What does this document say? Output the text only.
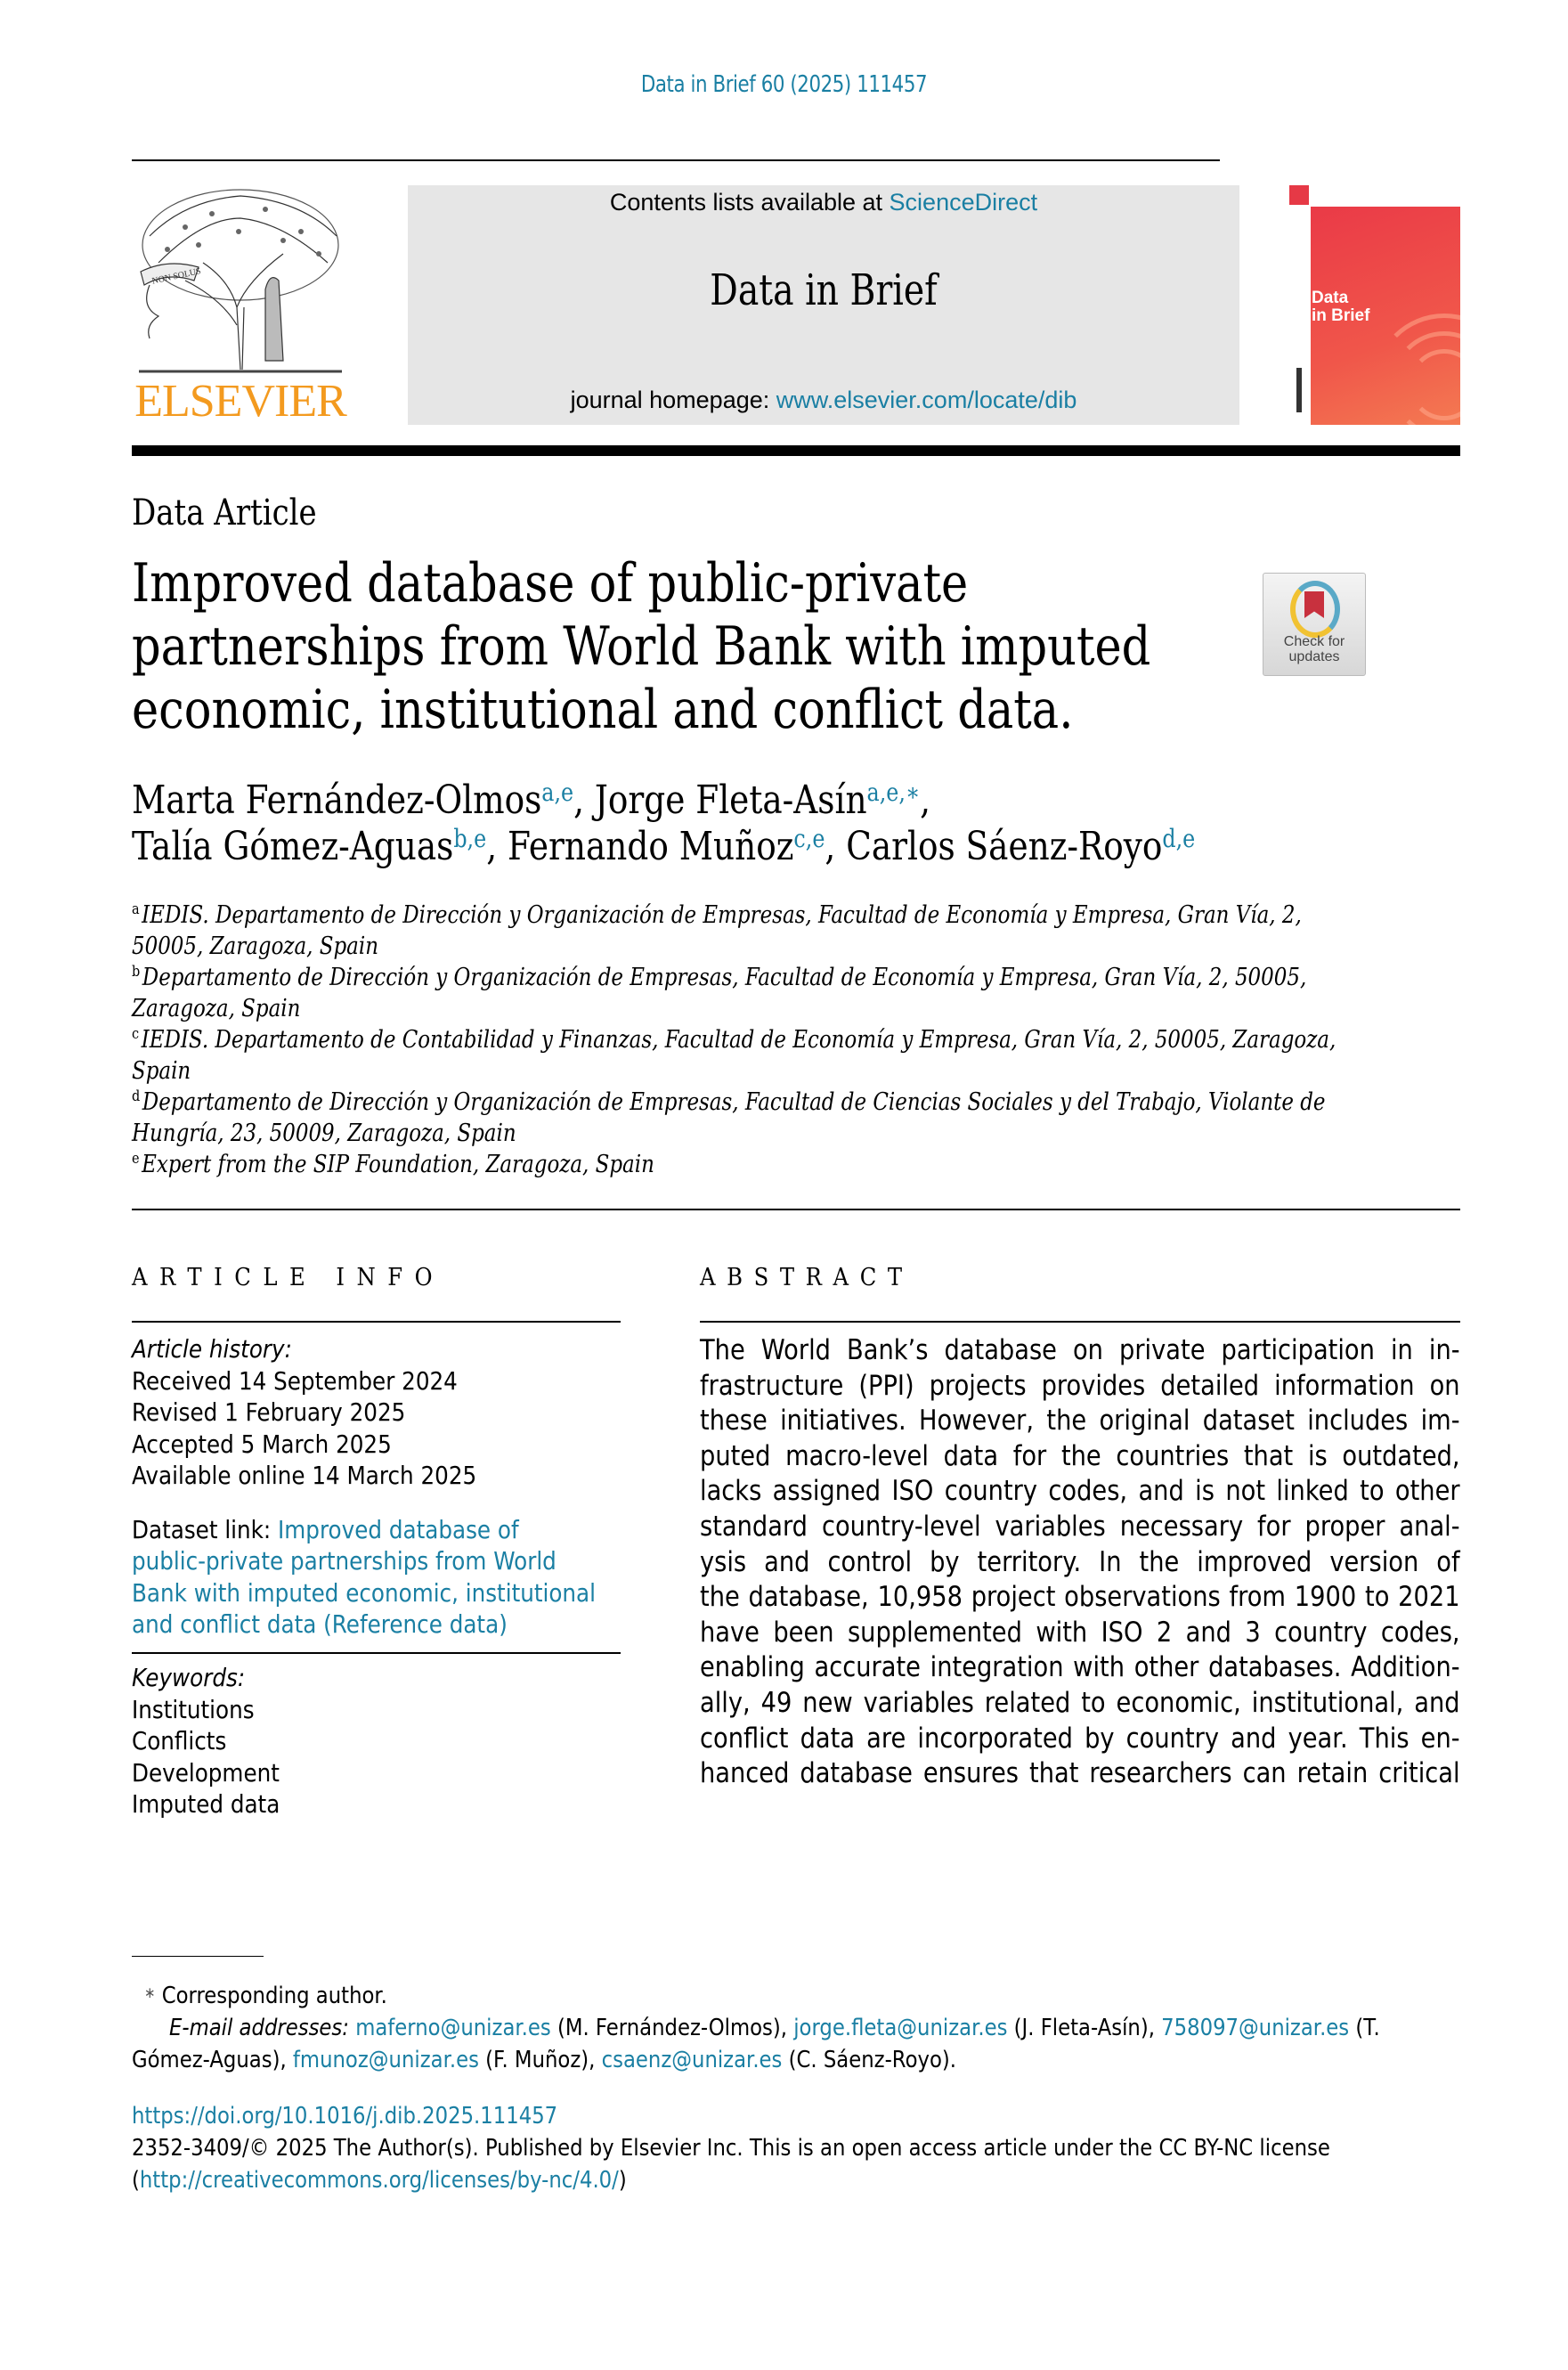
Data in Brief 60 (2025) 111457
NON SOLUS
ELSEVIER
Contents lists available at ScienceDirect
Data in Brief
journal homepage: www.elsevier.com/locate/dib
Data
in Brief
Data Article
Improved database of public-private
partnerships from World Bank with imputed
economic, institutional and conflict data.
Check for
updates
Marta Fernández-Olmos$^{a,e}$, Jorge Fleta-Asín$^{a,e,∗}$,
Talía Gómez-Aguas$^{b,e}$, Fernando Muñoz$^{c,e}$, Carlos Sáenz-Royo$^{d,e}$
$^a$IEDIS. Departamento de Dirección y Organización de Empresas, Facultad de Economía y Empresa, Gran Vía, 2,
50005, Zaragoza, Spain
$^b$Departamento de Dirección y Organización de Empresas, Facultad de Economía y Empresa, Gran Vía, 2, 50005,
Zaragoza, Spain
$^c$IEDIS. Departamento de Contabilidad y Finanzas, Facultad de Economía y Empresa, Gran Vía, 2, 50005, Zaragoza,
Spain
$^d$Departamento de Dirección y Organización de Empresas, Facultad de Ciencias Sociales y del Trabajo, Violante de
Hungría, 23, 50009, Zaragoza, Spain
$^e$Expert from the SIP Foundation, Zaragoza, Spain
ARTICLE INFO	ABSTRACT
Article history:
Received 14 September 2024
Revised 1 February 2025
Accepted 5 March 2025
Available online 14 March 2025
Dataset link: Improved database of
public-private partnerships from World
Bank with imputed economic, institutional
and conflict data (Reference data)
Keywords:
Institutions
Conflicts
Development
Imputed data
The World Bank’s database on private participation in in-
frastructure (PPI) projects provides detailed information on
these initiatives. However, the original dataset includes im-
puted macro-level data for the countries that is outdated,
lacks assigned ISO country codes, and is not linked to other
standard country-level variables necessary for proper anal-
ysis and control by territory. In the improved version of
the database, 10,958 project observations from 1900 to 2021
have been supplemented with ISO 2 and 3 country codes,
enabling accurate integration with other databases. Addition-
ally, 49 new variables related to economic, institutional, and
conflict data are incorporated by country and year. This en-
hanced database ensures that researchers can retain critical
∗ Corresponding author.
E-mail addresses: maferno@unizar.es (M. Fernández-Olmos), jorge.fleta@unizar.es (J. Fleta-Asín), 758097@unizar.es (T.
Gómez-Aguas), fmunoz@unizar.es (F. Muñoz), csaenz@unizar.es (C. Sáenz-Royo).
https://doi.org/10.1016/j.dib.2025.111457
2352-3409/© 2025 The Author(s). Published by Elsevier Inc. This is an open access article under the CC BY-NC license
(http://creativecommons.org/licenses/by-nc/4.0/)
